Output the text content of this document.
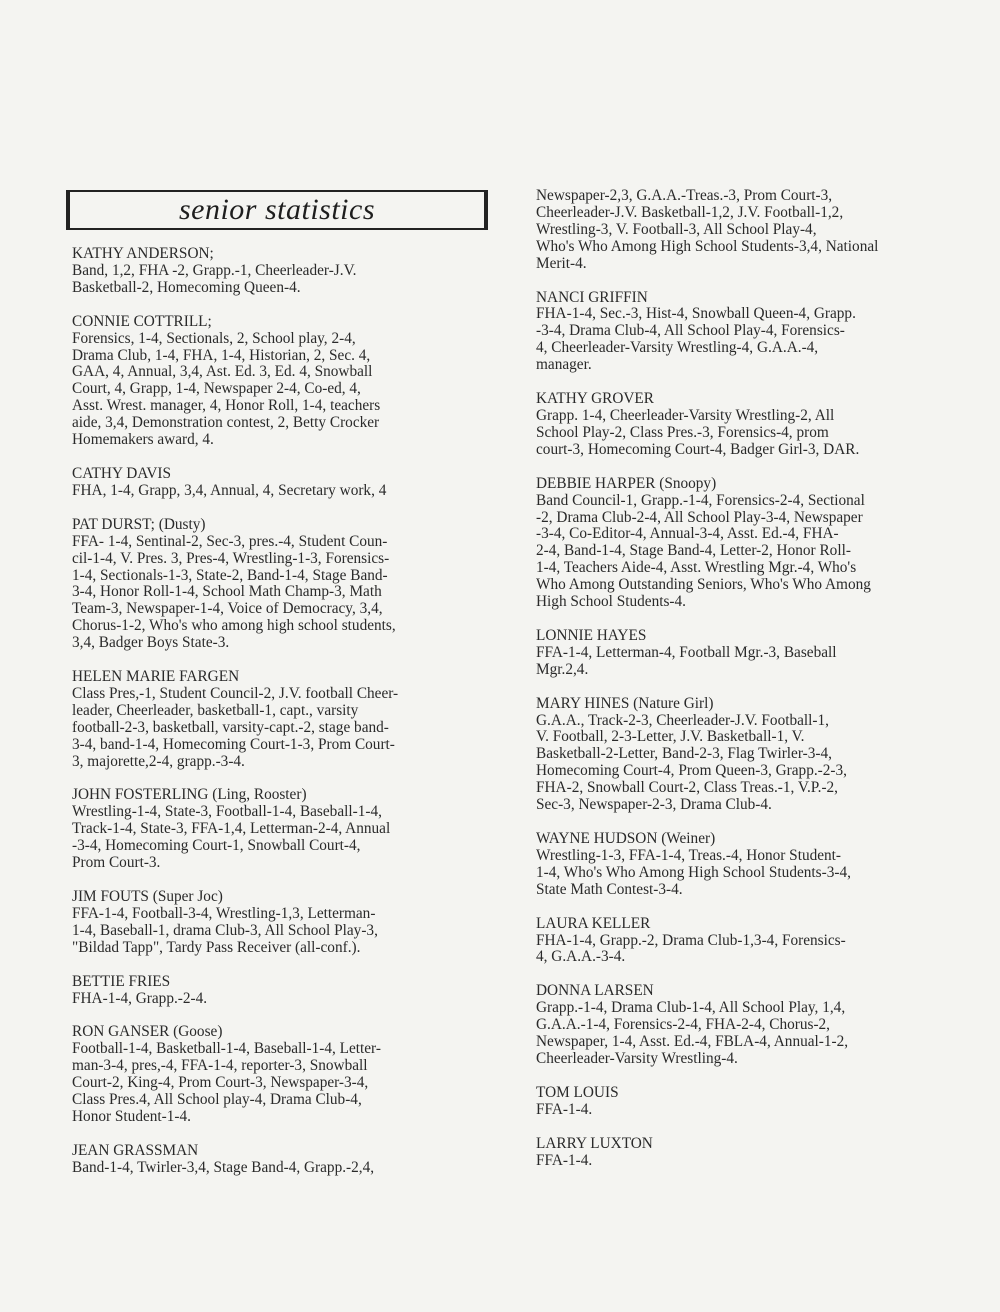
senior statistics

KATHY ANDERSON;

Band, 1,2, FHA -2, Grapp.-1, Cheerleader-J.V.
Basketball-2, Homecoming Queen-4.

CONNIE COTTRILL;

Forensics, 1-4, Sectionals, 2, School play, 2-4,
Drama Club, 1-4, FHA, 1-4, Historian, 2, Sec. 4,
GAA, 4, Annual, 3,4, Ast. Ed. 3, Ed. 4, Snowball
Court, 4, Grapp, 1-4, Newspaper 2-4, Co-ed, 4,
Asst. Wrest. manager, 4, Honor Roll, 1-4, teachers
aide, 3,4, Demonstration contest, 2, Betty Crocker
Homemakers award, 4.

CATHY DAVIS

FHA, 1-4, Grapp, 3,4, Annual, 4, Secretary work, 4

PAT DURST; (Dusty)

FFA- 1-4, Sentinal-2, Sec-3, pres.-4, Student Coun-
cil-1-4, V. Pres. 3, Pres-4, Wrestling-1-3, Forensics-
1-4, Sectionals-1-3, State-2, Band-1-4, Stage Band-
3-4, Honor Roll-1-4, School Math Champ-3, Math
Team-3, Newspaper-1-4, Voice of Democracy, 3,4,
Chorus-1-2, Who's who among high school students,
3,4, Badger Boys State-3.

HELEN MARIE FARGEN

Class Pres,-1, Student Council-2, J.V. football Cheer-
leader, Cheerleader, basketball-1, capt., varsity
football-2-3, basketball, varsity-capt.-2, stage band-
3-4, band-1-4, Homecoming Court-1-3, Prom Court-
3, majorette,2-4, grapp.-3-4.

JOHN FOSTERLING (Ling, Rooster)

Wrestling-1-4, State-3, Football-1-4, Baseball-1-4,
Track-1-4, State-3, FFA-1,4, Letterman-2-4, Annual
-3-4, Homecoming Court-1, Snowball Court-4,
Prom Court-3.

JIM FOUTS (Super Joc)

FFA-1-4, Football-3-4, Wrestling-1,3, Letterman-
1-4, Baseball-1, drama Club-3, All School Play-3,
"Bildad Tapp", Tardy Pass Receiver (all-conf.).

BETTIE FRIES

FHA-1-4, Grapp.-2-4.

RON GANSER (Goose)

Football-1-4, Basketball-1-4, Baseball-1-4, Letter-
man-3-4, pres,-4, FFA-1-4, reporter-3, Snowball
Court-2, King-4, Prom Court-3, Newspaper-3-4,
Class Pres.4, All School play-4, Drama Club-4,
Honor Student-1-4.

JEAN GRASSMAN

Band-1-4, Twirler-3,4, Stage Band-4, Grapp.-2,4,

Newspaper-2,3, G.A.A.-Treas.-3, Prom Court-3,
Cheerleader-J.V. Basketball-1,2, J.V. Football-1,2,
Wrestling-3, V. Football-3, All School Play-4,
Who's Who Among High School Students-3,4, National
Merit-4.

NANCI GRIFFIN

FHA-1-4, Sec.-3, Hist-4, Snowball Queen-4, Grapp.
-3-4, Drama Club-4, All School Play-4, Forensics-
4, Cheerleader-Varsity Wrestling-4, G.A.A.-4,
manager.

KATHY GROVER

Grapp. 1-4, Cheerleader-Varsity Wrestling-2, All
School Play-2, Class Pres.-3, Forensics-4, prom
court-3, Homecoming Court-4, Badger Girl-3, DAR.

DEBBIE HARPER (Snoopy)

Band Council-1, Grapp.-1-4, Forensics-2-4, Sectional
-2, Drama Club-2-4, All School Play-3-4, Newspaper
-3-4, Co-Editor-4, Annual-3-4, Asst. Ed.-4, FHA-
2-4, Band-1-4, Stage Band-4, Letter-2, Honor Roll-
1-4, Teachers Aide-4, Asst. Wrestling Mgr.-4, Who's
Who Among Outstanding Seniors, Who's Who Among
High School Students-4.

LONNIE HAYES

FFA-1-4, Letterman-4, Football Mgr.-3, Baseball
Mgr.2,4.

MARY HINES (Nature Girl)

G.A.A., Track-2-3, Cheerleader-J.V. Football-1,
V. Football, 2-3-Letter, J.V. Basketball-1, V.
Basketball-2-Letter, Band-2-3, Flag Twirler-3-4,
Homecoming Court-4, Prom Queen-3, Grapp.-2-3,
FHA-2, Snowball Court-2, Class Treas.-1, V.P.-2,
Sec-3, Newspaper-2-3, Drama Club-4.

WAYNE HUDSON (Weiner)

Wrestling-1-3, FFA-1-4, Treas.-4, Honor Student-
1-4, Who's Who Among High School Students-3-4,
State Math Contest-3-4.

LAURA KELLER

FHA-1-4, Grapp.-2, Drama Club-1,3-4, Forensics-
4, G.A.A.-3-4.

DONNA LARSEN

Grapp.-1-4, Drama Club-1-4, All School Play, 1,4,
G.A.A.-1-4, Forensics-2-4, FHA-2-4, Chorus-2,
Newspaper, 1-4, Asst. Ed.-4, FBLA-4, Annual-1-2,
Cheerleader-Varsity Wrestling-4.

TOM LOUIS

FFA-1-4.

LARRY LUXTON

FFA-1-4.
